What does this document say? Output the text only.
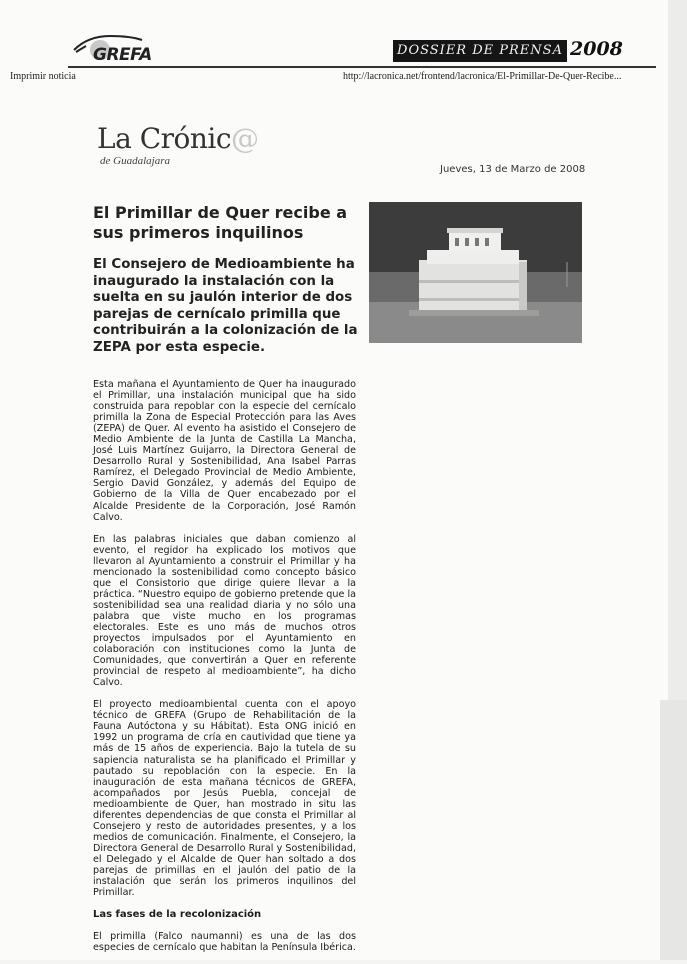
GREFA	DOSSIER DE PRENSA 2008
Imprimir noticia	http://lacronica.net/frontend/lacronica/El-Primillar-De-Quer-Recibe...
La Crónic@
de Guadalajara
Jueves, 13 de Marzo de 2008
El Primillar de Quer recibe a sus primeros inquilinos
El Consejero de Medioambiente ha inaugurado la instalación con la suelta en su jaulón interior de dos parejas de cernícalo primilla que contribuirán a la colonización de la ZEPA por esta especie.

Esta mañana el Ayuntamiento de Quer ha inaugurado el Primillar, una instalación municipal que ha sido construida para repoblar con la especie del cernícalo primilla la Zona de Especial Protección para las Aves (ZEPA) de Quer. Al evento ha asistido el Consejero de Medio Ambiente de la Junta de Castilla La Mancha, José Luis Martínez Guijarro, la Directora General de Desarrollo Rural y Sostenibilidad, Ana Isabel Parras Ramírez, el Delegado Provincial de Medio Ambiente, Sergio David González, y además del Equipo de Gobierno de la Villa de Quer encabezado por el Alcalde Presidente de la Corporación, José Ramón Calvo.

En las palabras iniciales que daban comienzo al evento, el regidor ha explicado los motivos que llevaron al Ayuntamiento a construir el Primillar y ha mencionado la sostenibilidad como concepto básico que el Consistorio que dirige quiere llevar a la práctica. “Nuestro equipo de gobierno pretende que la sostenibilidad sea una realidad diaria y no sólo una palabra que viste mucho en los programas electorales. Este es uno más de muchos otros proyectos impulsados por el Ayuntamiento en colaboración con instituciones como la Junta de Comunidades, que convertirán a Quer en referente provincial de respeto al medioambiente”, ha dicho Calvo.

El proyecto medioambiental cuenta con el apoyo técnico de GREFA (Grupo de Rehabilitación de la Fauna Autóctona y su Hábitat). Esta ONG inició en 1992 un programa de cría en cautividad que tiene ya más de 15 años de experiencia. Bajo la tutela de su sapiencia naturalista se ha planificado el Primillar y pautado su repoblación con la especie. En la inauguración de esta mañana técnicos de GREFA, acompañados por Jesús Puebla, concejal de medioambiente de Quer, han mostrado in situ las diferentes dependencias de que consta el Primillar al Consejero y resto de autoridades presentes, y a los medios de comunicación. Finalmente, el Consejero, la Directora General de Desarrollo Rural y Sostenibilidad, el Delegado y el Alcalde de Quer han soltado a dos parejas de primillas en el jaulón del patio de la instalación que serán los primeros inquilinos del Primillar.

Las fases de la recolonización

El primilla (Falco naumanni) es una de las dos especies de cernícalo que habitan la Península Ibérica.
